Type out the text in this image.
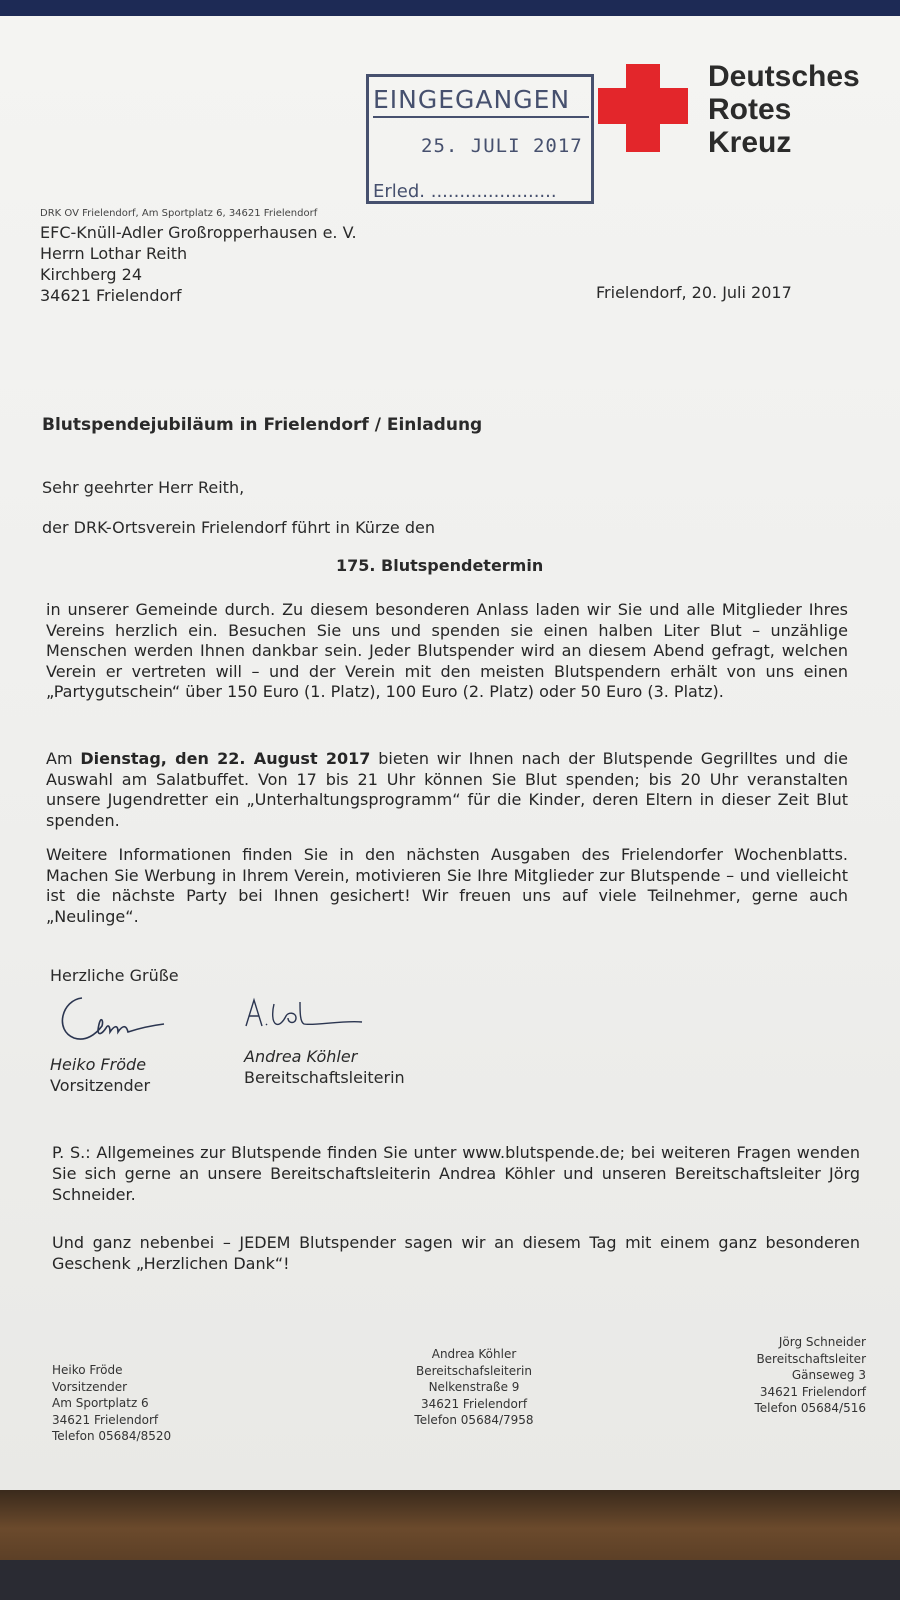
EINGEGANGEN
25. JULI 2017
Erled. ......................
Deutsches
Rotes
Kreuz
DRK OV Frielendorf, Am Sportplatz 6, 34621 Frielendorf
EFC-Knüll-Adler Großropperhausen e. V.
Herrn Lothar Reith
Kirchberg 24
34621 Frielendorf	Frielendorf, 20. Juli 2017
Blutspendejubiläum in Frielendorf / Einladung
Sehr geehrter Herr Reith,
der DRK-Ortsverein Frielendorf führt in Kürze den
175. Blutspendetermin
in unserer Gemeinde durch. Zu diesem besonderen Anlass laden wir Sie und alle Mitglieder Ihres Vereins herzlich ein. Besuchen Sie uns und spenden sie einen halben Liter Blut – unzählige Menschen werden Ihnen dankbar sein. Jeder Blutspender wird an diesem Abend gefragt, welchen Verein er vertreten will – und der Verein mit den meisten Blutspendern erhält von uns einen „Partygutschein“ über 150 Euro (1. Platz), 100 Euro (2. Platz) oder 50 Euro (3. Platz).
Am Dienstag, den 22. August 2017 bieten wir Ihnen nach der Blutspende Gegrilltes und die Auswahl am Salatbuffet. Von 17 bis 21 Uhr können Sie Blut spenden; bis 20 Uhr veranstalten unsere Jugendretter ein „Unterhaltungsprogramm“ für die Kinder, deren Eltern in dieser Zeit Blut spenden.
Weitere Informationen finden Sie in den nächsten Ausgaben des Frielendorfer Wochenblatts. Machen Sie Werbung in Ihrem Verein, motivieren Sie Ihre Mitglieder zur Blutspende – und vielleicht ist die nächste Party bei Ihnen gesichert! Wir freuen uns auf viele Teilnehmer, gerne auch „Neulinge“.
Herzliche Grüße
Heiko Fröde
Vorsitzender
Andrea Köhler
Bereitschaftsleiterin
P. S.: Allgemeines zur Blutspende finden Sie unter www.blutspende.de; bei weiteren Fragen wenden Sie sich gerne an unsere Bereitschaftsleiterin Andrea Köhler und unseren Bereitschaftsleiter Jörg Schneider.
Und ganz nebenbei – JEDEM Blutspender sagen wir an diesem Tag mit einem ganz besonderen Geschenk „Herzlichen Dank“!
Heiko Fröde
Vorsitzender
Am Sportplatz 6
34621 Frielendorf
Telefon 05684/8520
Andrea Köhler
Bereitschafsleiterin
Nelkenstraße 9
34621 Frielendorf
Telefon 05684/7958
Jörg Schneider
Bereitschaftsleiter
Gänseweg 3
34621 Frielendorf
Telefon 05684/516
